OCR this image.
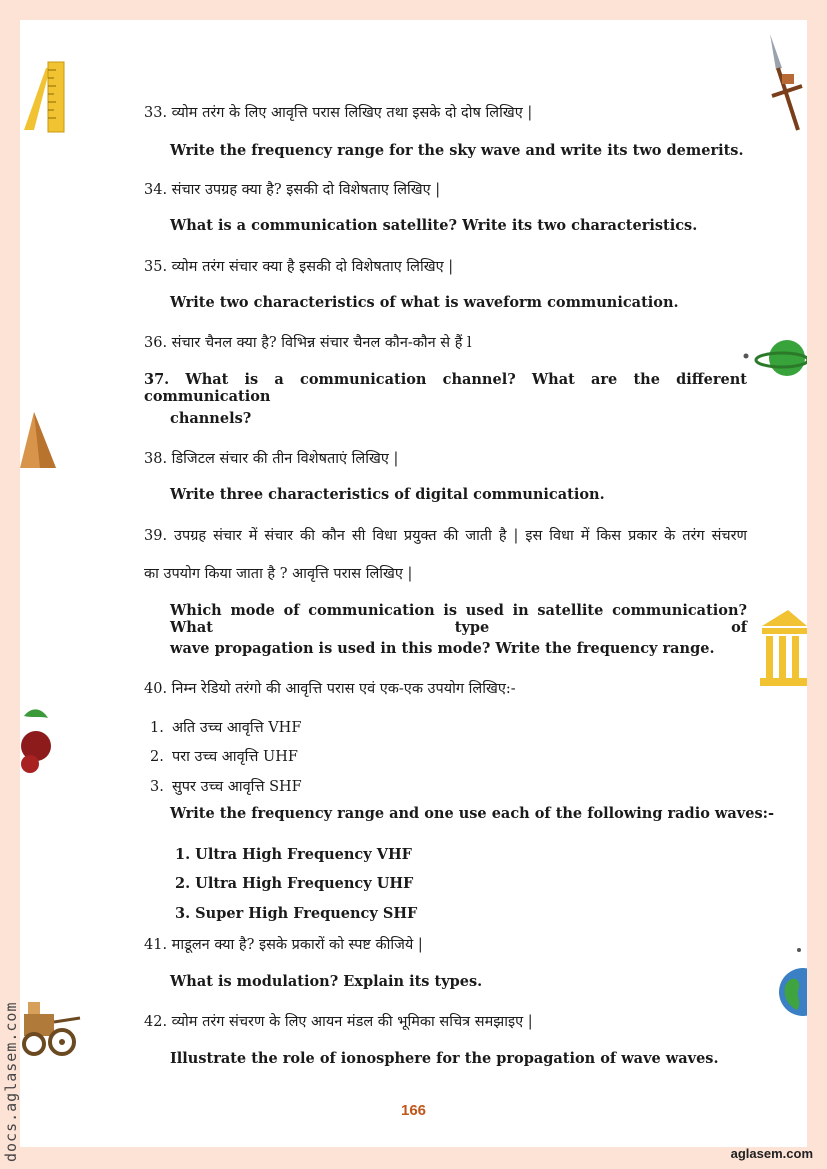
33. व्योम तरंग के लिए आवृत्ति परास लिखिए तथा इसके दो दोष लिखिए |
Write the frequency range for the sky wave and write its two demerits.
34. संचार उपग्रह क्या है? इसकी दो विशेषताए लिखिए |
What is a communication satellite? Write its two characteristics.
35. व्योम तरंग संचार क्या है इसकी दो विशेषताए लिखिए |
Write two characteristics of what is waveform communication.
36. संचार चैनल क्या है? विभिन्न संचार चैनल कौन-कौन से हैं l
37. What is a communication channel? What are the different communication
channels?
38. डिजिटल संचार की तीन विशेषताएं लिखिए |
Write three characteristics of digital communication.
39. उपग्रह संचार में संचार की कौन सी विधा प्रयुक्त की जाती है | इस विधा में किस प्रकार के तरंग संचरण
का उपयोग किया जाता है ? आवृत्ति परास लिखिए |
Which mode of communication is used in satellite communication? What type of
wave propagation is used in this mode? Write the frequency range.
40. निम्न रेडियो तरंगो की आवृत्ति परास एवं एक-एक उपयोग लिखिए:-
1. अति उच्च आवृत्ति VHF
2. परा उच्च आवृत्ति UHF
3. सुपर उच्च आवृत्ति SHF
Write the frequency range and one use each of the following radio waves:-
1. Ultra High Frequency VHF
2. Ultra High Frequency UHF
3. Super High Frequency SHF
41. माडूलन क्या है? इसके प्रकारों को स्पष्ट कीजिये |
What is modulation? Explain its types.
42. व्योम तरंग संचरण के लिए आयन मंडल की भूमिका सचित्र समझाइए |
Illustrate the role of ionosphere for the propagation of wave waves.
166
aglasem.com
docs.aglasem.com
